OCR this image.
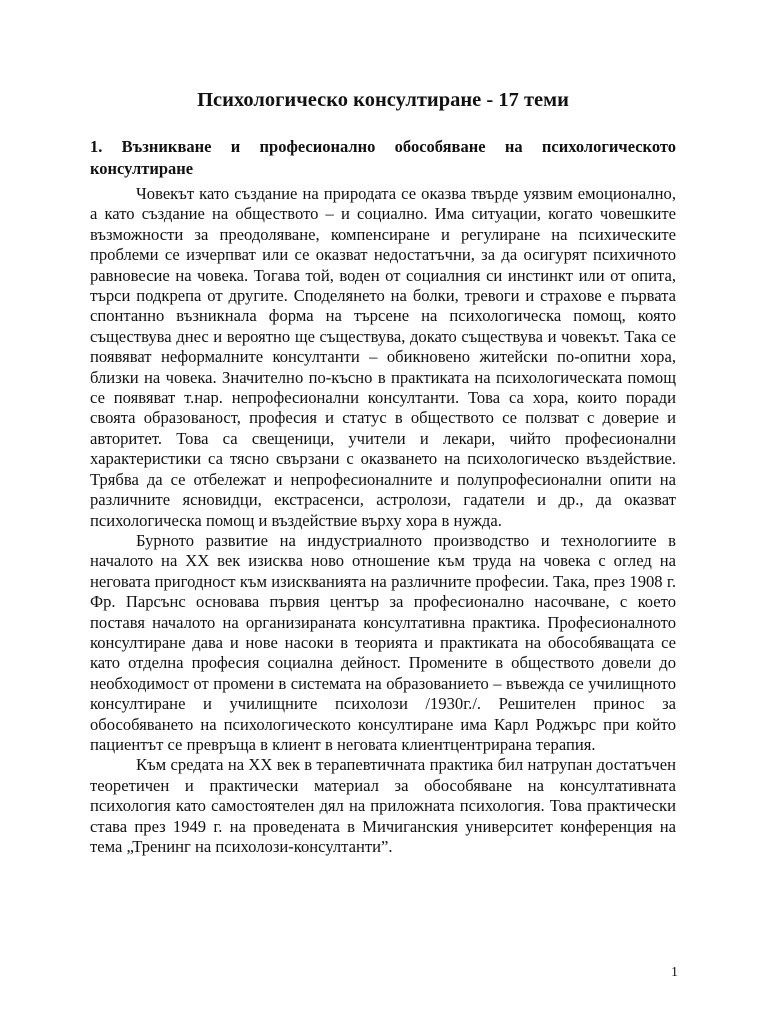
Психологическо консултиране - 17 теми
1. Възникване и професионално обособяване на психологическото консултиране

Човекът като създание на природата се оказва твърде уязвим емоционално, а като създание на обществото – и социално. Има ситуации, когато човешките възможности за преодоляване, компенсиране и регулиране на психическите проблеми се изчерпват или се оказват недостатъчни, за да осигурят психичното равновесие на човека. Тогава той, воден от социалния си инстинкт или от опита, търси подкрепа от другите. Споделянето на болки, тревоги и страхове е първата спонтанно възникнала форма на търсене на психологическа помощ, която съществува днес и вероятно ще съществува, докато съществува и човекът. Така се появяват неформалните консултанти – обикновено житейски по-опитни хора, близки на човека. Значително по-късно в практиката на психологическата помощ се появяват т.нар. непрофесионални консултанти. Това са хора, които поради своята образованост, професия и статус в обществото се ползват с доверие и авторитет. Това са свещеници, учители и лекари, чийто професионални характеристики са тясно свързани с оказването на психологическо въздействие. Трябва да се отбележат и непрофесионалните и полупрофесионални опити на различните ясновидци, екстрасенси, астролози, гадатели и др., да оказват психологическа помощ и въздействие върху хора в нужда.

Бурното развитие на индустриалното производство и технологиите в началото на XX век изисква ново отношение към труда на човека с оглед на неговата пригодност към изискванията на различните професии. Така, през 1908 г. Фр. Парсънс основава първия център за професионално насочване, с което поставя началото на организираната консултативна практика. Професионалното консултиране дава и нове насоки в теорията и практиката на обособяващата се като отделна професия социална дейност. Промените в обществото довели до необходимост от промени в системата на образованието – въвежда се училищното консултиране и училищните психолози /1930г./. Решителен принос за обособяването на психологическото консултиране има Карл Роджърс при който пациентът се превръща в клиент в неговата клиентцентрирана терапия.

Към средата на XX век в терапевтичната практика бил натрупан достатъчен теоретичен и практически материал за обособяване на консултативната психология като самостоятелен дял на приложната психология. Това практически става през 1949 г. на проведената в Мичиганския университет конференция на тема „Тренинг на психолози-консултанти”.

1
